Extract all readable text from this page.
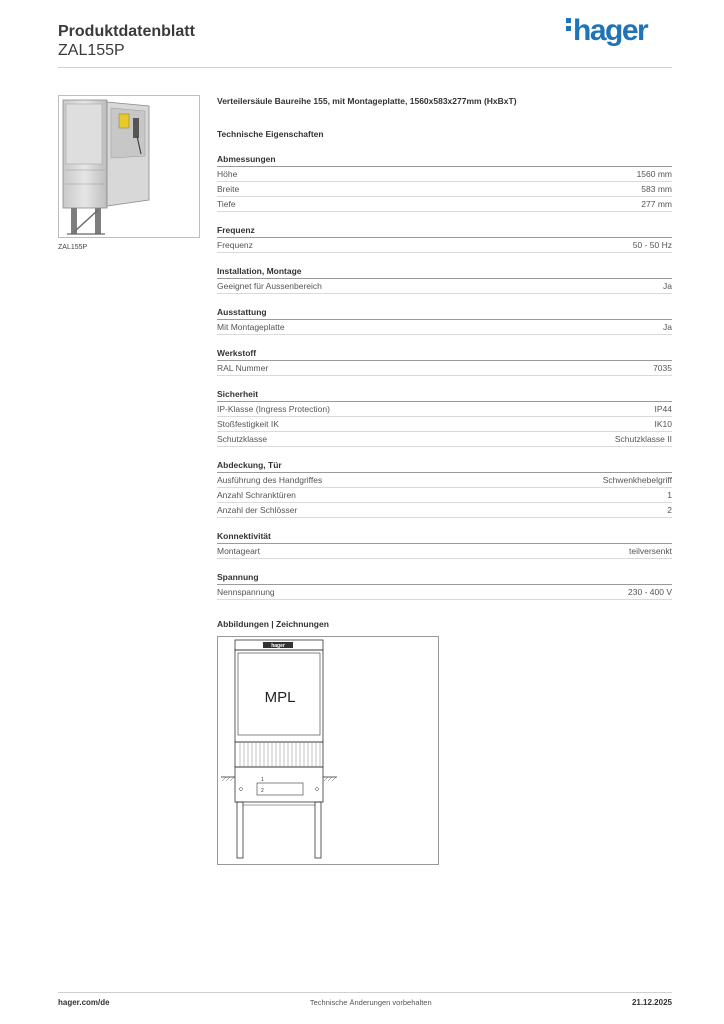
Produktdatenblatt
ZAL155P
hager
ZAL155P
Verteilersäule Baureihe 155, mit Montageplatte, 1560x583x277mm (HxBxT)
Technische Eigenschaften
Abmessungen
Höhe	1560 mm
Breite	583 mm
Tiefe	277 mm
Frequenz
Frequenz	50 - 50 Hz
Installation, Montage
Geeignet für Aussenbereich	Ja
Ausstattung
Mit Montageplatte	Ja
Werkstoff
RAL Nummer	7035
Sicherheit
IP-Klasse (Ingress Protection)	IP44
Stoßfestigkeit IK	IK10
Schutzklasse	Schutzklasse II
Abdeckung, Tür
Ausführung des Handgriffes	Schwenkhebelgriff
Anzahl Schranktüren	1
Anzahl der Schlösser	2
Konnektivität
Montageart	teilversenkt
Spannung
Nennspannung	230 - 400 V
Abbildungen | Zeichnungen
hager
MPL
1
2
hager.com/de	Technische Änderungen vorbehalten	21.12.2025
